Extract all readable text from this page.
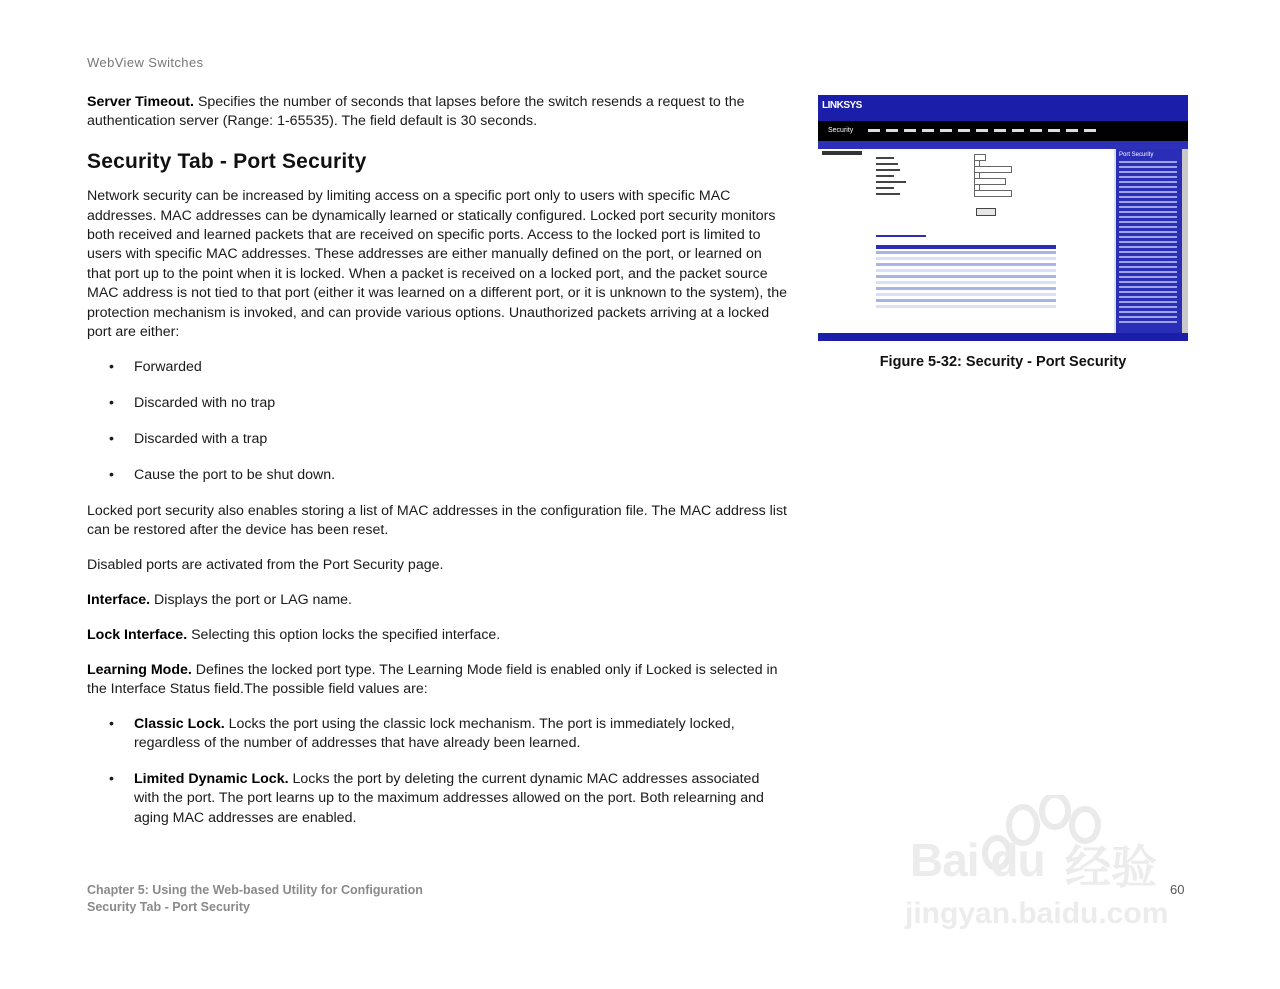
WebView Switches

Server Timeout. Specifies the number of seconds that lapses before the switch resends a request to the authentication server (Range: 1-65535). The field default is 30 seconds.

Security Tab - Port Security

Network security can be increased by limiting access on a specific port only to users with specific MAC addresses. MAC addresses can be dynamically learned or statically configured. Locked port security monitors both received and learned packets that are received on specific ports. Access to the locked port is limited to users with specific MAC addresses. These addresses are either manually defined on the port, or learned on that port up to the point when it is locked. When a packet is received on a locked port, and the packet source MAC address is not tied to that port (either it was learned on a different port, or it is unknown to the system), the protection mechanism is invoked, and can provide various options. Unauthorized packets arriving at a locked port are either:

• Forwarded
• Discarded with no trap
• Discarded with a trap
• Cause the port to be shut down.

Locked port security also enables storing a list of MAC addresses in the configuration file. The MAC address list can be restored after the device has been reset.

Disabled ports are activated from the Port Security page.

Interface. Displays the port or LAG name.

Lock Interface. Selecting this option locks the specified interface.

Learning Mode. Defines the locked port type. The Learning Mode field is enabled only if Locked is selected in the Interface Status field.The possible field values are:

• Classic Lock. Locks the port using the classic lock mechanism. The port is immediately locked, regardless of the number of addresses that have already been learned.
• Limited Dynamic Lock. Locks the port by deleting the current dynamic MAC addresses associated with the port. The port learns up to the maximum addresses allowed on the port. Both relearning and aging MAC addresses are enabled.
LINKSYS
Security
Port Security
Figure 5-32: Security - Port Security
Bai du 经验
jingyan.baidu.com
Chapter 5: Using the Web-based Utility for Configuration
Security Tab - Port Security
60
